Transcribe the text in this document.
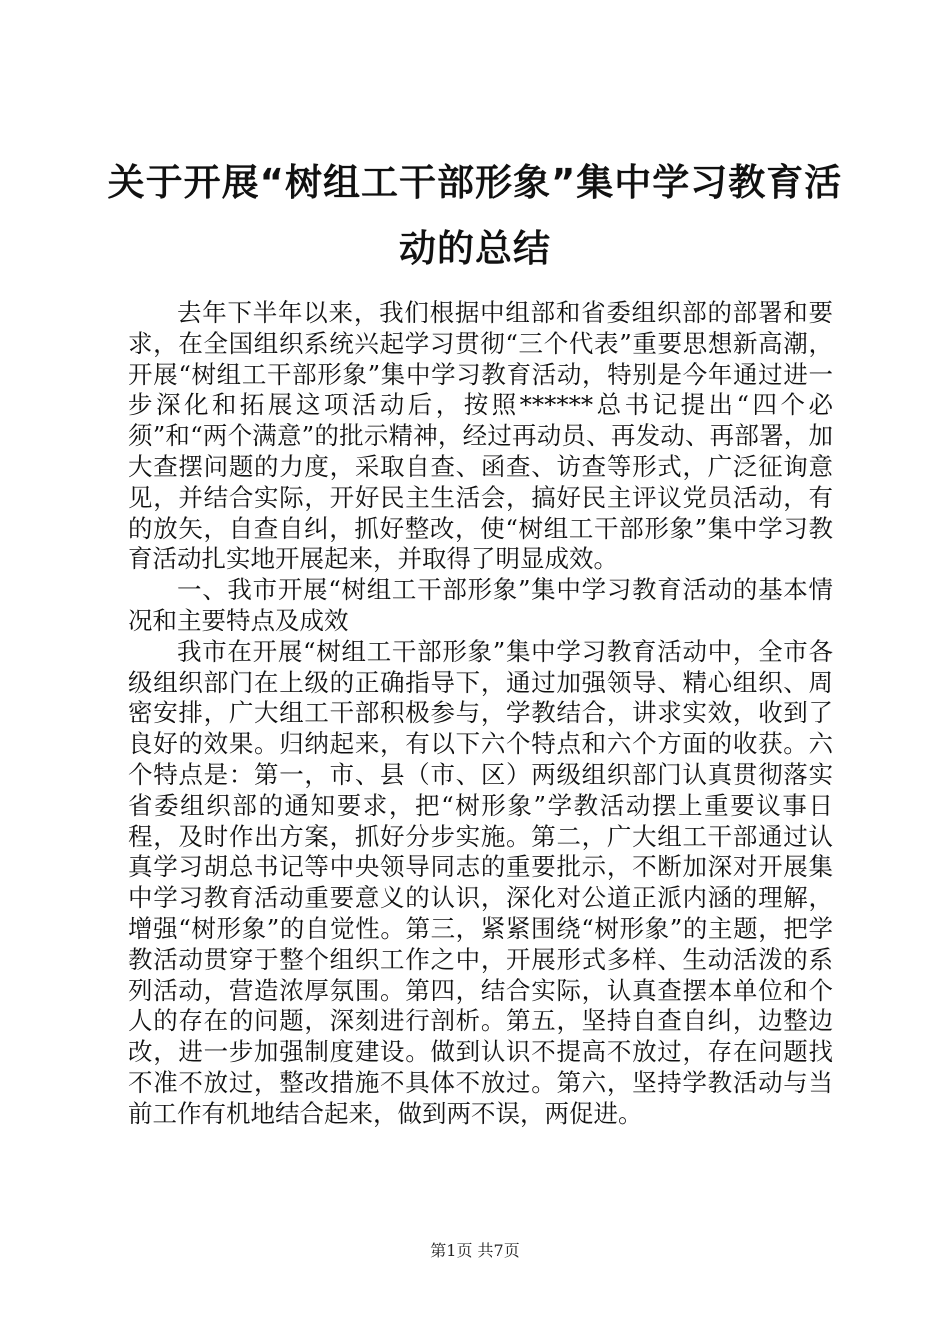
关于开展“树组工干部形象”集中学习教育活
动的总结

去年下半年以来，我们根据中组部和省委组织部的部署和要求，在全国组织系统兴起学习贯彻“三个代表”重要思想新高潮，开展“树组工干部形象”集中学习教育活动，特别是今年通过进一步深化和拓展这项活动后，按照******总书记提出“四个必须”和“两个满意”的批示精神，经过再动员、再发动、再部署，加大查摆问题的力度，采取自查、函查、访查等形式，广泛征询意见，并结合实际，开好民主生活会，搞好民主评议党员活动，有的放矢，自查自纠，抓好整改，使“树组工干部形象”集中学习教育活动扎实地开展起来，并取得了明显成效。

一、我市开展“树组工干部形象”集中学习教育活动的基本情况和主要特点及成效

我市在开展“树组工干部形象”集中学习教育活动中，全市各级组织部门在上级的正确指导下，通过加强领导、精心组织、周密安排，广大组工干部积极参与，学教结合，讲求实效，收到了良好的效果。归纳起来，有以下六个特点和六个方面的收获。六个特点是：第一，市、县（市、区）两级组织部门认真贯彻落实省委组织部的通知要求，把“树形象”学教活动摆上重要议事日程，及时作出方案，抓好分步实施。第二，广大组工干部通过认真学习胡总书记等中央领导同志的重要批示，不断加深对开展集中学习教育活动重要意义的认识，深化对公道正派内涵的理解，增强“树形象”的自觉性。第三，紧紧围绕“树形象”的主题，把学教活动贯穿于整个组织工作之中，开展形式多样、生动活泼的系列活动，营造浓厚氛围。第四，结合实际，认真查摆本单位和个人的存在的问题，深刻进行剖析。第五，坚持自查自纠，边整边改，进一步加强制度建设。做到认识不提高不放过，存在问题找不准不放过，整改措施不具体不放过。第六，坚持学教活动与当前工作有机地结合起来，做到两不误，两促进。

第1页 共7页
